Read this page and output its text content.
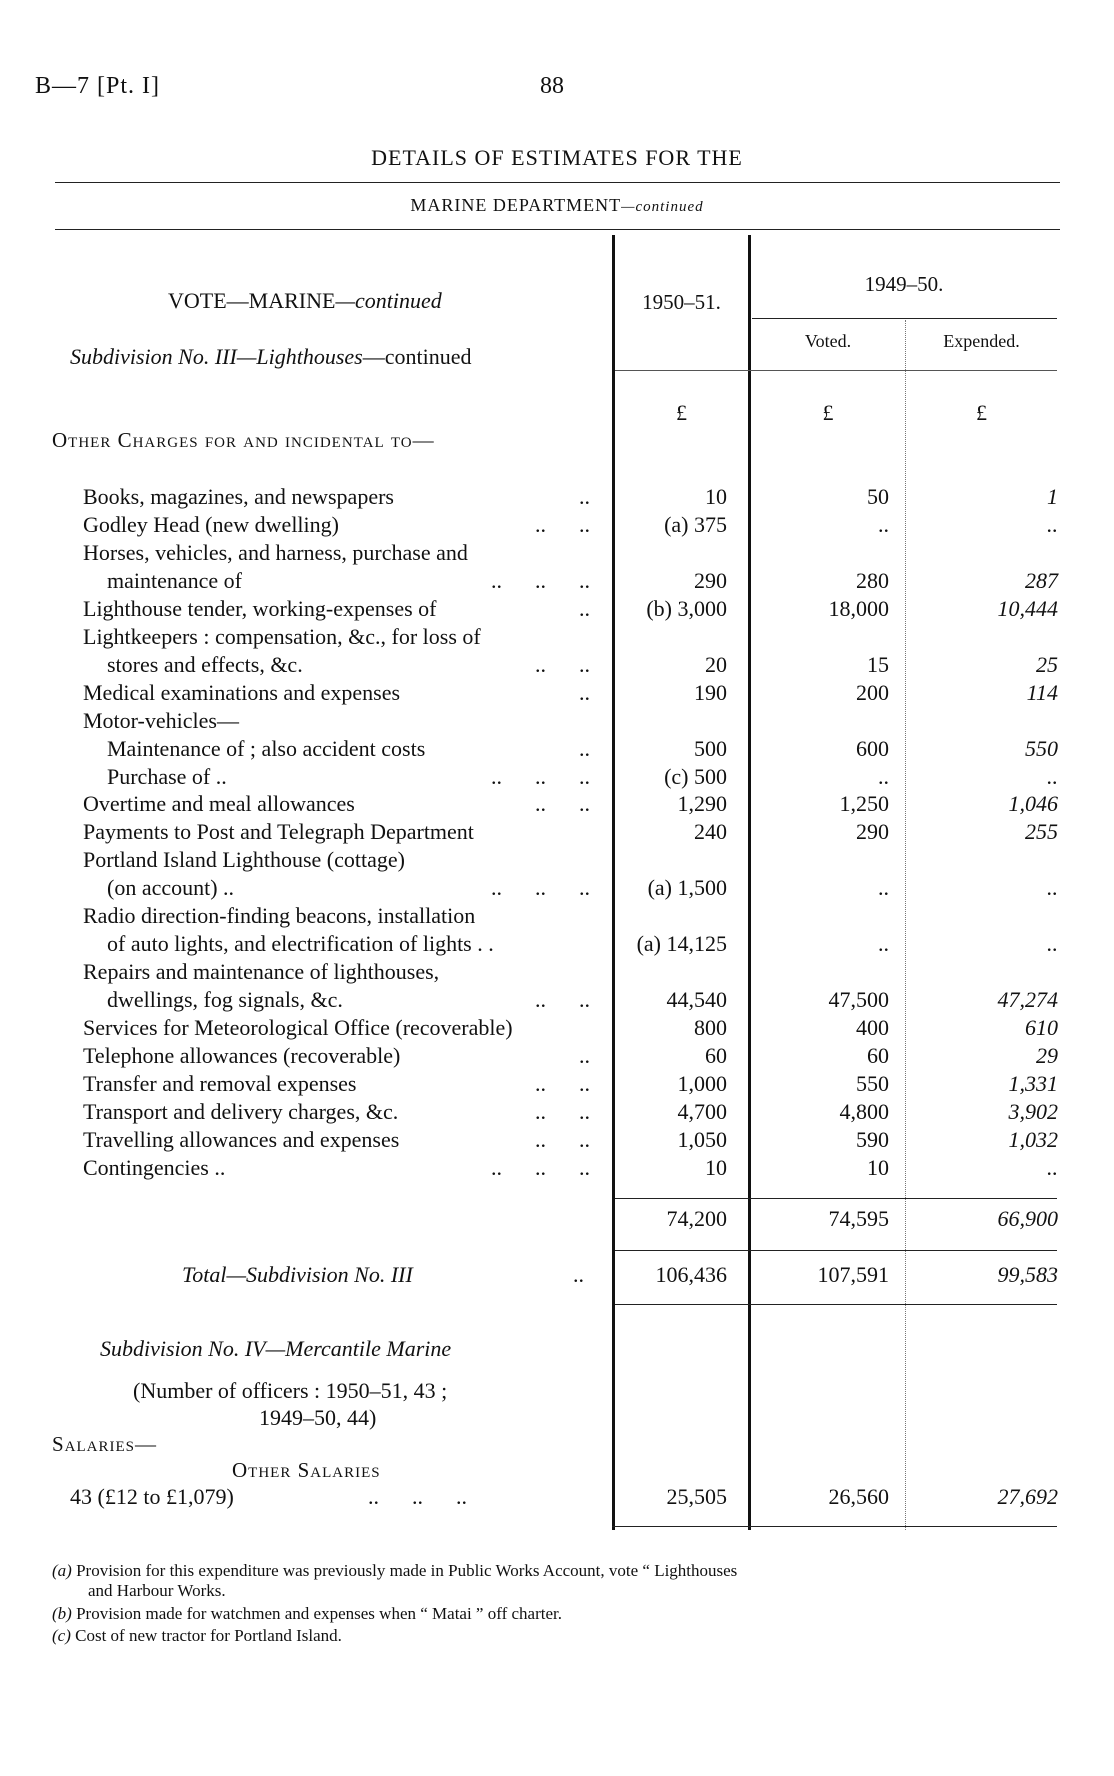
B—7 [Pt. I]	88
DETAILS OF ESTIMATES FOR THE
MARINE DEPARTMENT—continued
VOTE—MARINE—continued
Subdivision No. III—Lighthouses—continued
1950–51.
1949–50.
Voted.	Expended.
£	£	£
Other Charges for and incidental to—
Books, magazines, and newspapers	..	10	50	1
Godley Head (new dwelling)	..      ..	(a) 375	..	..
Horses, vehicles, and harness, purchase and
maintenance of	..      ..      ..	290	280	287
Lighthouse tender, working-expenses of	..	(b) 3,000	18,000	10,444
Lightkeepers : compensation, &c., for loss of
stores and effects, &c.	..      ..	20	15	25
Medical examinations and expenses	..	190	200	114
Motor-vehicles—
Maintenance of ; also accident costs	..	500	600	550
Purchase of ..	..      ..      ..	(c) 500	..	..
Overtime and meal allowances	..      ..	1,290	1,250	1,046
Payments to Post and Telegraph Department	240	290	255
Portland Island Lighthouse (cottage)
(on account) ..	..      ..      ..	(a) 1,500	..	..
Radio direction-finding beacons, installation
of auto lights, and electrification of lights . .	(a) 14,125	..	..
Repairs and maintenance of lighthouses,
dwellings, fog signals, &c.	..      ..	44,540	47,500	47,274
Services for Meteorological Office (recoverable)	800	400	610
Telephone allowances (recoverable)	..	60	60	29
Transfer and removal expenses	..      ..	1,000	550	1,331
Transport and delivery charges, &c.	..      ..	4,700	4,800	3,902
Travelling allowances and expenses	..      ..	1,050	590	1,032
Contingencies ..	..      ..      ..	10	10	..
74,200	74,595	66,900
Total—Subdivision No. III	..	106,436	107,591	99,583
Subdivision No. IV—Mercantile Marine
(Number of officers : 1950–51, 43 ;
1949–50, 44)
Salaries—
Other Salaries
43 (£12 to £1,079)	..      ..      ..	25,505	26,560	27,692
(a) Provision for this expenditure was previously made in Public Works Account, vote “ Lighthouses
and Harbour Works.
(b) Provision made for watchmen and expenses when “ Matai ” off charter.
(c) Cost of new tractor for Portland Island.
